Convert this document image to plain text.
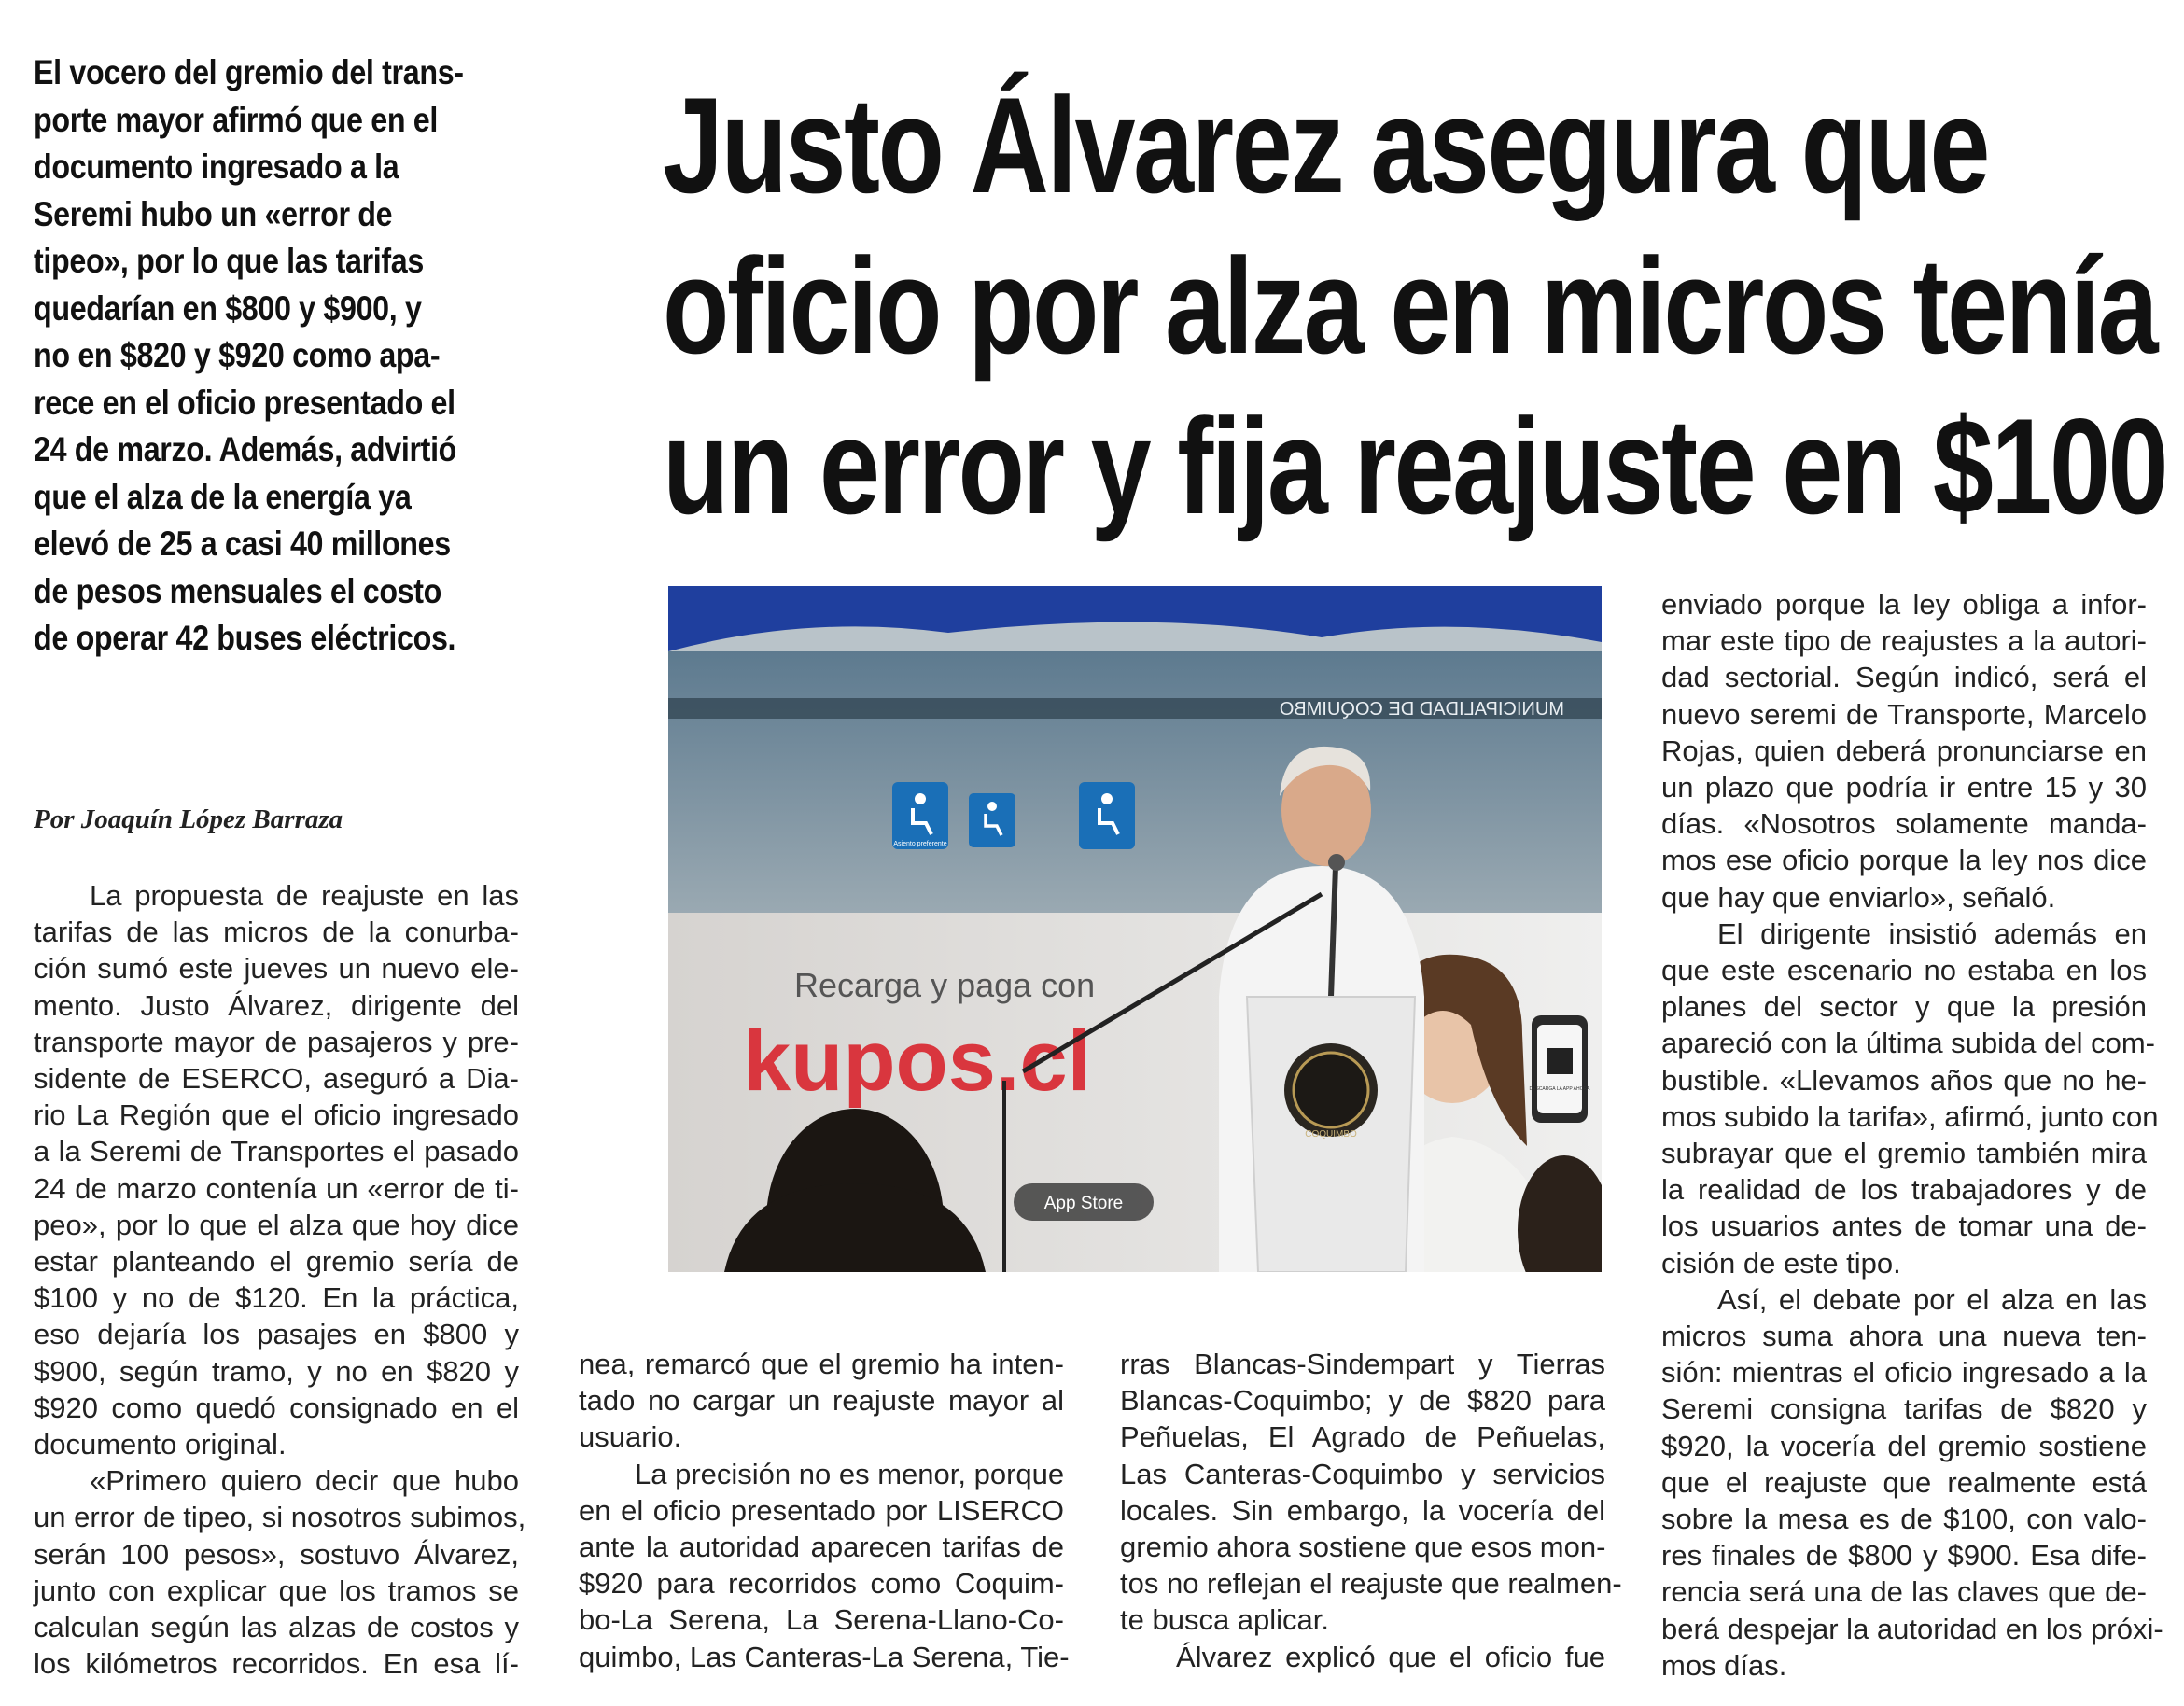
El vocero del gremio del trans-
porte mayor afirmó que en el
documento ingresado a la
Seremi hubo un «error de
tipeo», por lo que las tarifas
quedarían en $800 y $900, y
no en $820 y $920 como apa-
rece en el oficio presentado el
24 de marzo. Además, advirtió
que el alza de la energía ya
elevó de 25 a casi 40 millones
de pesos mensuales el costo
de operar 42 buses eléctricos.
Justo Álvarez asegura que
oficio por alza en micros tenía
un error y fija reajuste en $100
Por Joaquín López Barraza
MUNICIPALIDAD DE COQUIMBO
Asiento preferente
Recarga y paga con
kupos.cl
App Store
DESCARGA LA APP AHORA
COQUIMBO
La propuesta de reajuste en las
tarifas de las micros de la conurba-
ción sumó este jueves un nuevo ele-
mento. Justo Álvarez, dirigente del
transporte mayor de pasajeros y pre-
sidente de ESERCO, aseguró a Dia-
rio La Región que el oficio ingresado
a la Seremi de Transportes el pasado
24 de marzo contenía un «error de ti-
peo», por lo que el alza que hoy dice
estar planteando el gremio sería de
$100 y no de $120. En la práctica,
eso dejaría los pasajes en $800 y
$900, según tramo, y no en $820 y
$920 como quedó consignado en el
documento original.
«Primero quiero decir que hubo
un error de tipeo, si nosotros subimos,
serán 100 pesos», sostuvo Álvarez,
junto con explicar que los tramos se
calculan según las alzas de costos y
los kilómetros recorridos. En esa lí-
nea, remarcó que el gremio ha inten-
tado no cargar un reajuste mayor al
usuario.
La precisión no es menor, porque
en el oficio presentado por LISERCO
ante la autoridad aparecen tarifas de
$920 para recorridos como Coquim-
bo-La Serena, La Serena-Llano-Co-
quimbo, Las Canteras-La Serena, Tie-
rras Blancas-Sindempart y Tierras
Blancas-Coquimbo; y de $820 para
Peñuelas, El Agrado de Peñuelas,
Las Canteras-Coquimbo y servicios
locales. Sin embargo, la vocería del
gremio ahora sostiene que esos mon-
tos no reflejan el reajuste que realmen-
te busca aplicar.
Álvarez explicó que el oficio fue
enviado porque la ley obliga a infor-
mar este tipo de reajustes a la autori-
dad sectorial. Según indicó, será el
nuevo seremi de Transporte, Marcelo
Rojas, quien deberá pronunciarse en
un plazo que podría ir entre 15 y 30
días. «Nosotros solamente manda-
mos ese oficio porque la ley nos dice
que hay que enviarlo», señaló.
El dirigente insistió además en
que este escenario no estaba en los
planes del sector y que la presión
apareció con la última subida del com-
bustible. «Llevamos años que no he-
mos subido la tarifa», afirmó, junto con
subrayar que el gremio también mira
la realidad de los trabajadores y de
los usuarios antes de tomar una de-
cisión de este tipo.
Así, el debate por el alza en las
micros suma ahora una nueva ten-
sión: mientras el oficio ingresado a la
Seremi consigna tarifas de $820 y
$920, la vocería del gremio sostiene
que el reajuste que realmente está
sobre la mesa es de $100, con valo-
res finales de $800 y $900. Esa dife-
rencia será una de las claves que de-
berá despejar la autoridad en los próxi-
mos días.
